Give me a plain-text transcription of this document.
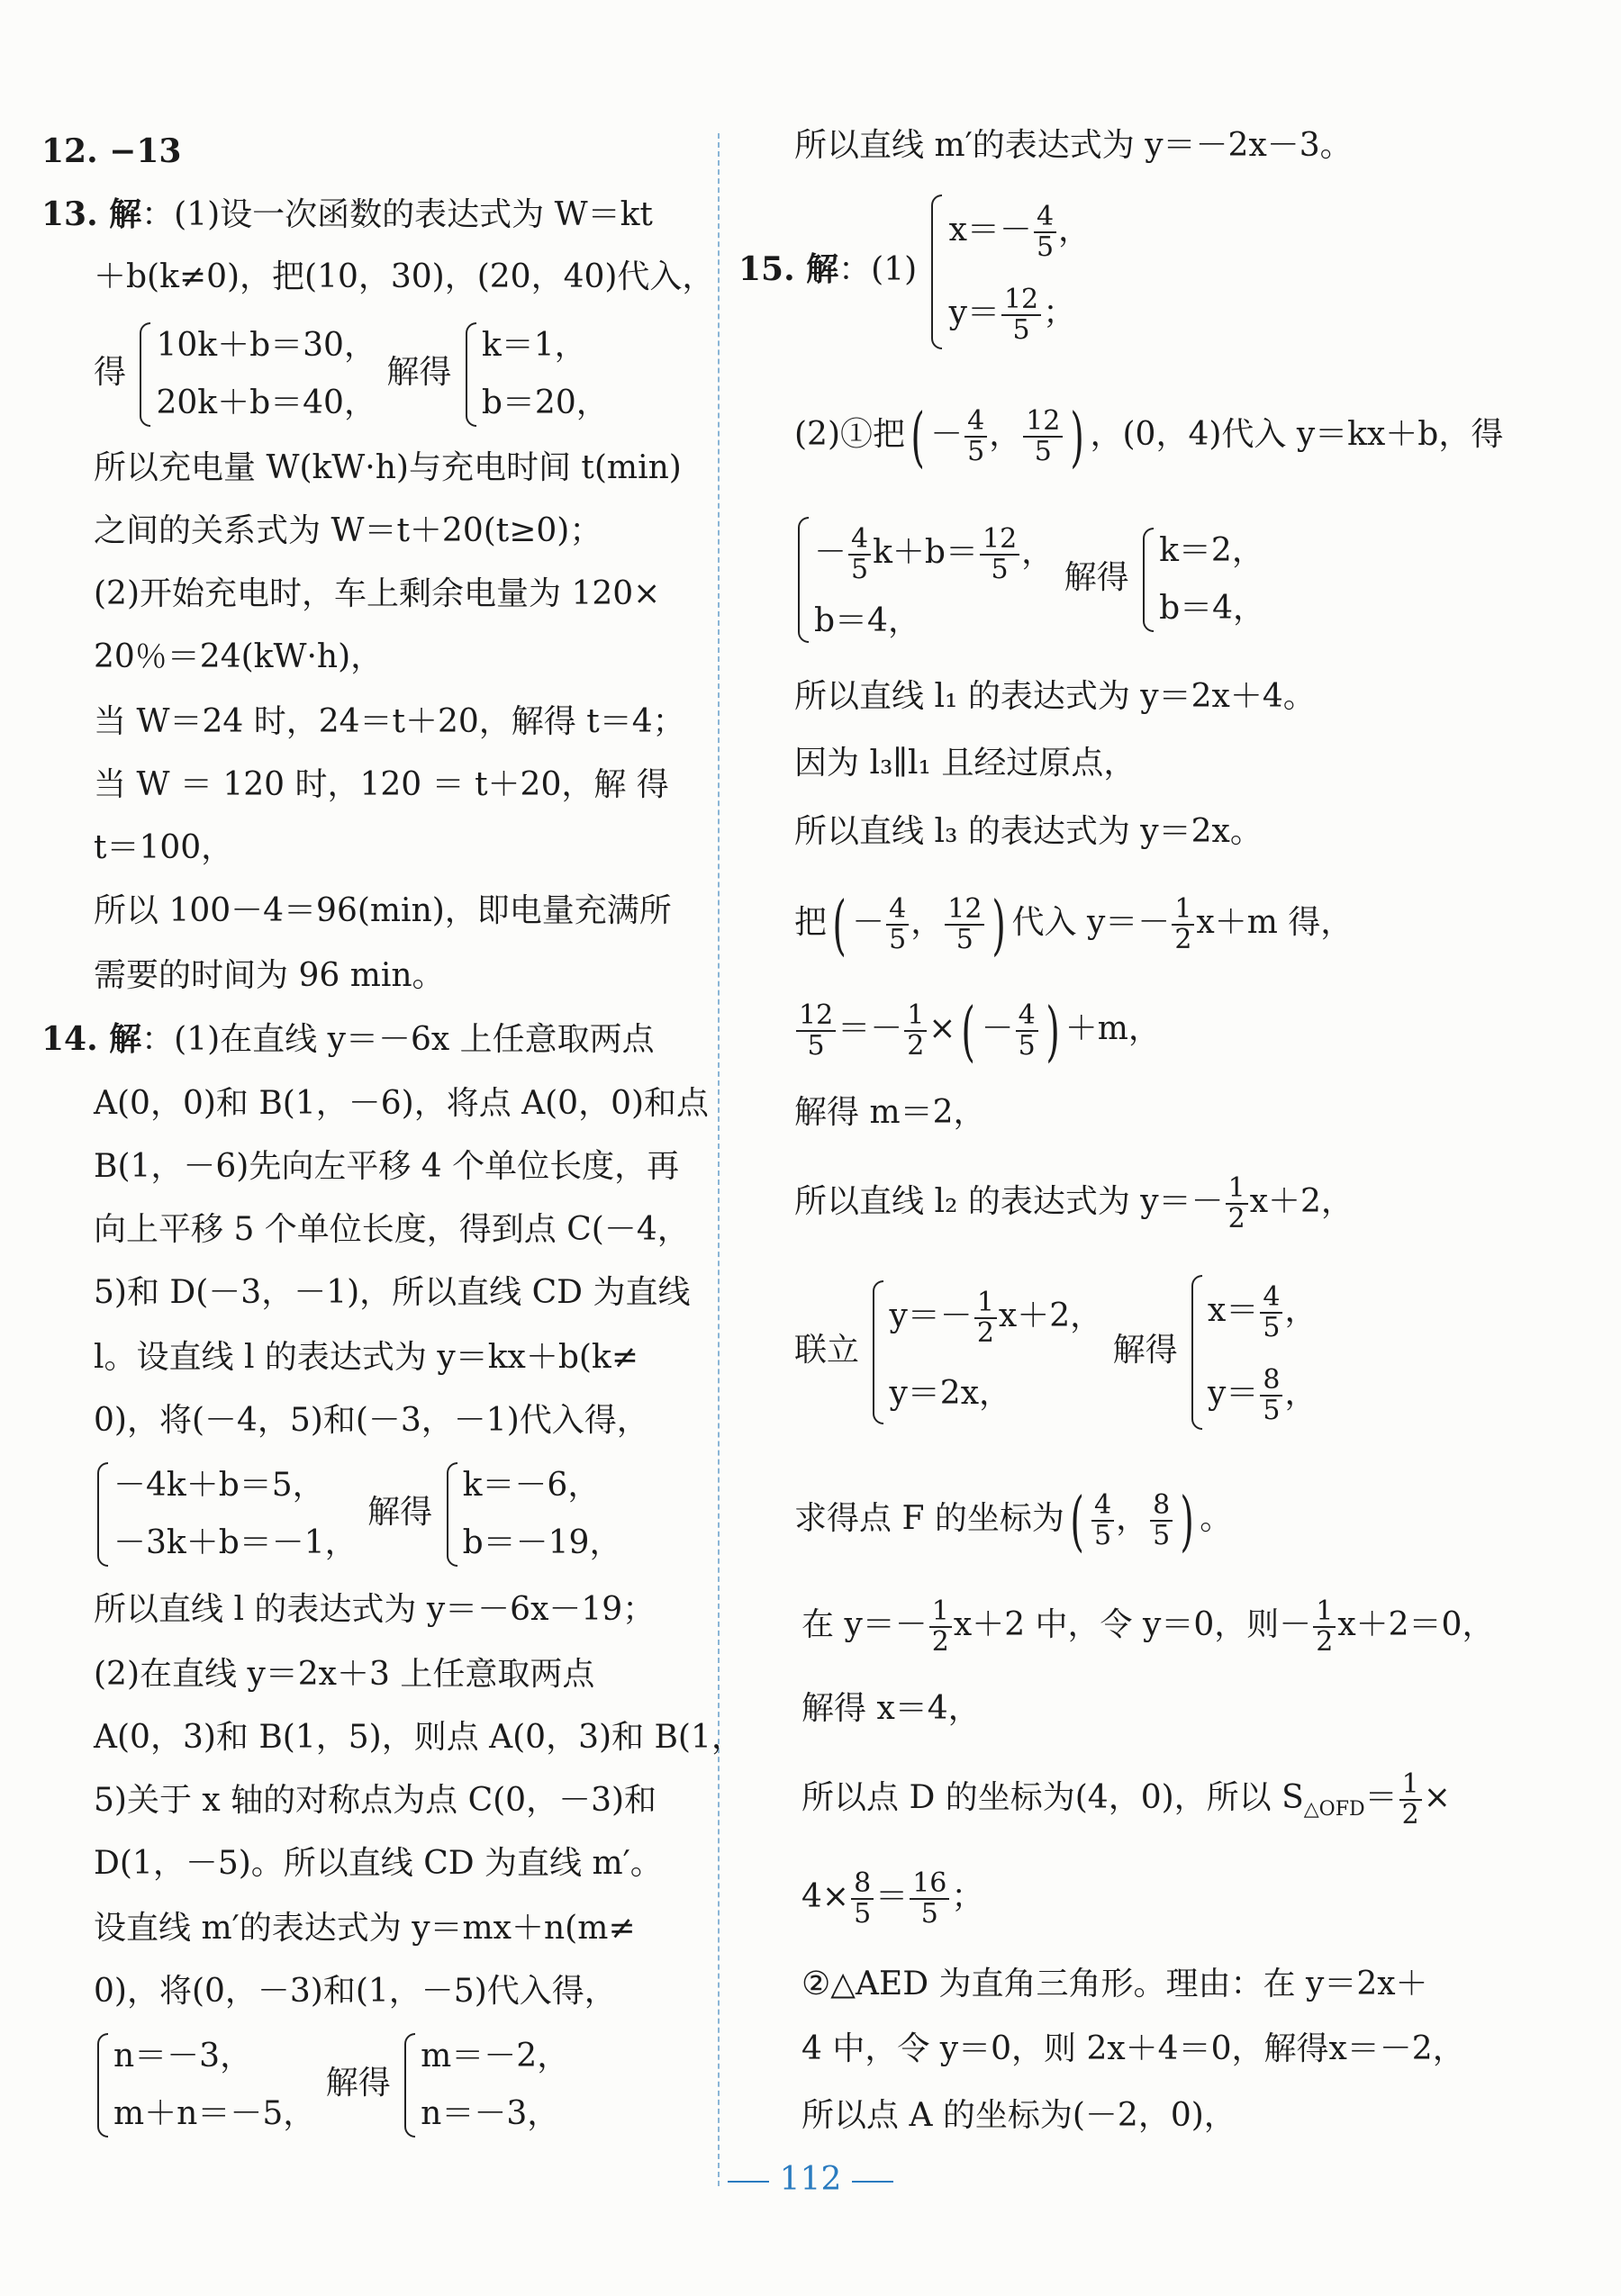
12. −13
13. 解：(1)设一次函数的表达式为 W＝kt
＋b(k≠0)，把(10，30)，(20，40)代入，
得
10k＋b＝30，
20k＋b＝40，
解得
k＝1，
b＝20，
所以充电量 W(kW·h)与充电时间 t(min)
之间的关系式为 W＝t＋20(t≥0)；
(2)开始充电时，车上剩余电量为 120×
20％＝24(kW·h)，
当 W＝24 时，24＝t＋20，解得 t＝4；
当 W ＝ 120 时，120 ＝ t＋20，解 得
t＝100，
所以 100－4＝96(min)，即电量充满所
需要的时间为 96 min。
14. 解：(1)在直线 y＝－6x 上任意取两点
A(0，0)和 B(1，－6)，将点 A(0，0)和点
B(1，－6)先向左平移 4 个单位长度，再
向上平移 5 个单位长度，得到点 C(－4，
5)和 D(－3，－1)，所以直线 CD 为直线
l。设直线 l 的表达式为 y＝kx＋b(k≠
0)，将(－4，5)和(－3，－1)代入得，
－4k＋b＝5，
－3k＋b＝－1，
解得
k＝－6，
b＝－19，
所以直线 l 的表达式为 y＝－6x－19；
(2)在直线 y＝2x＋3 上任意取两点
A(0，3)和 B(1，5)，则点 A(0，3)和 B(1，
5)关于 x 轴的对称点为点 C(0，－3)和
D(1，－5)。所以直线 CD 为直线 m′。
设直线 m′的表达式为 y＝mx＋n(m≠
0)，将(0，－3)和(1，－5)代入得，
n＝－3，
m＋n＝－5，
解得
m＝－2，
n＝－3，
所以直线 m′的表达式为 y＝－2x－3。
15. 解：(1)
$x=- \frac{4}{5}$ ，
$y= \frac{12}{5}$ ；
(2)①把( － $\frac{4}{5}$ ， $\frac{12}{5}$ ) ，(0，4)代入 y＝kx＋b，得
－ $\frac{4}{5} k+b= \frac{12}{5}$ ，
b＝4，
解得
k＝2，
b＝4，
所以直线 l₁ 的表达式为 y＝2x＋4。
因为 l₃∥l₁ 且经过原点，
所以直线 l₃ 的表达式为 y＝2x。
把( － $\frac{4}{5}$ ， $\frac{12}{5}$ ) 代入 $y=- \frac{1}{2} x+m$ 得，
$\frac{12}{5} =- \frac{1}{2}$ ×( － $\frac{4}{5}$ ) ＋m，
解得 m＝2，
所以直线 l₂ 的表达式为 $y=- \frac{1}{2} x+2$，
联立
$y=- \frac{1}{2} x+2$，
y＝2x，
解得
$x= \frac{4}{5}$ ，
$y= \frac{8}{5}$ ，
求得点 F 的坐标为( $\frac{4}{5}$ ， $\frac{8}{5}$ ) 。
在 $y=- \frac{1}{2} x+2$ 中，令 y＝0，则－ $\frac{1}{2} x+2=0$，
解得 x＝4，
所以点 D 的坐标为(4，0)，所以 $S_{\triangle OFD}= \frac{1}{2}$ ×
$4\times \frac{8}{5} = \frac{16}{5}$ ；
②△AED 为直角三角形。理由：在 y＝2x＋
4 中，令 y＝0，则 2x＋4＝0，解得x＝－2，
所以点 A 的坐标为(－2，0)，
112
